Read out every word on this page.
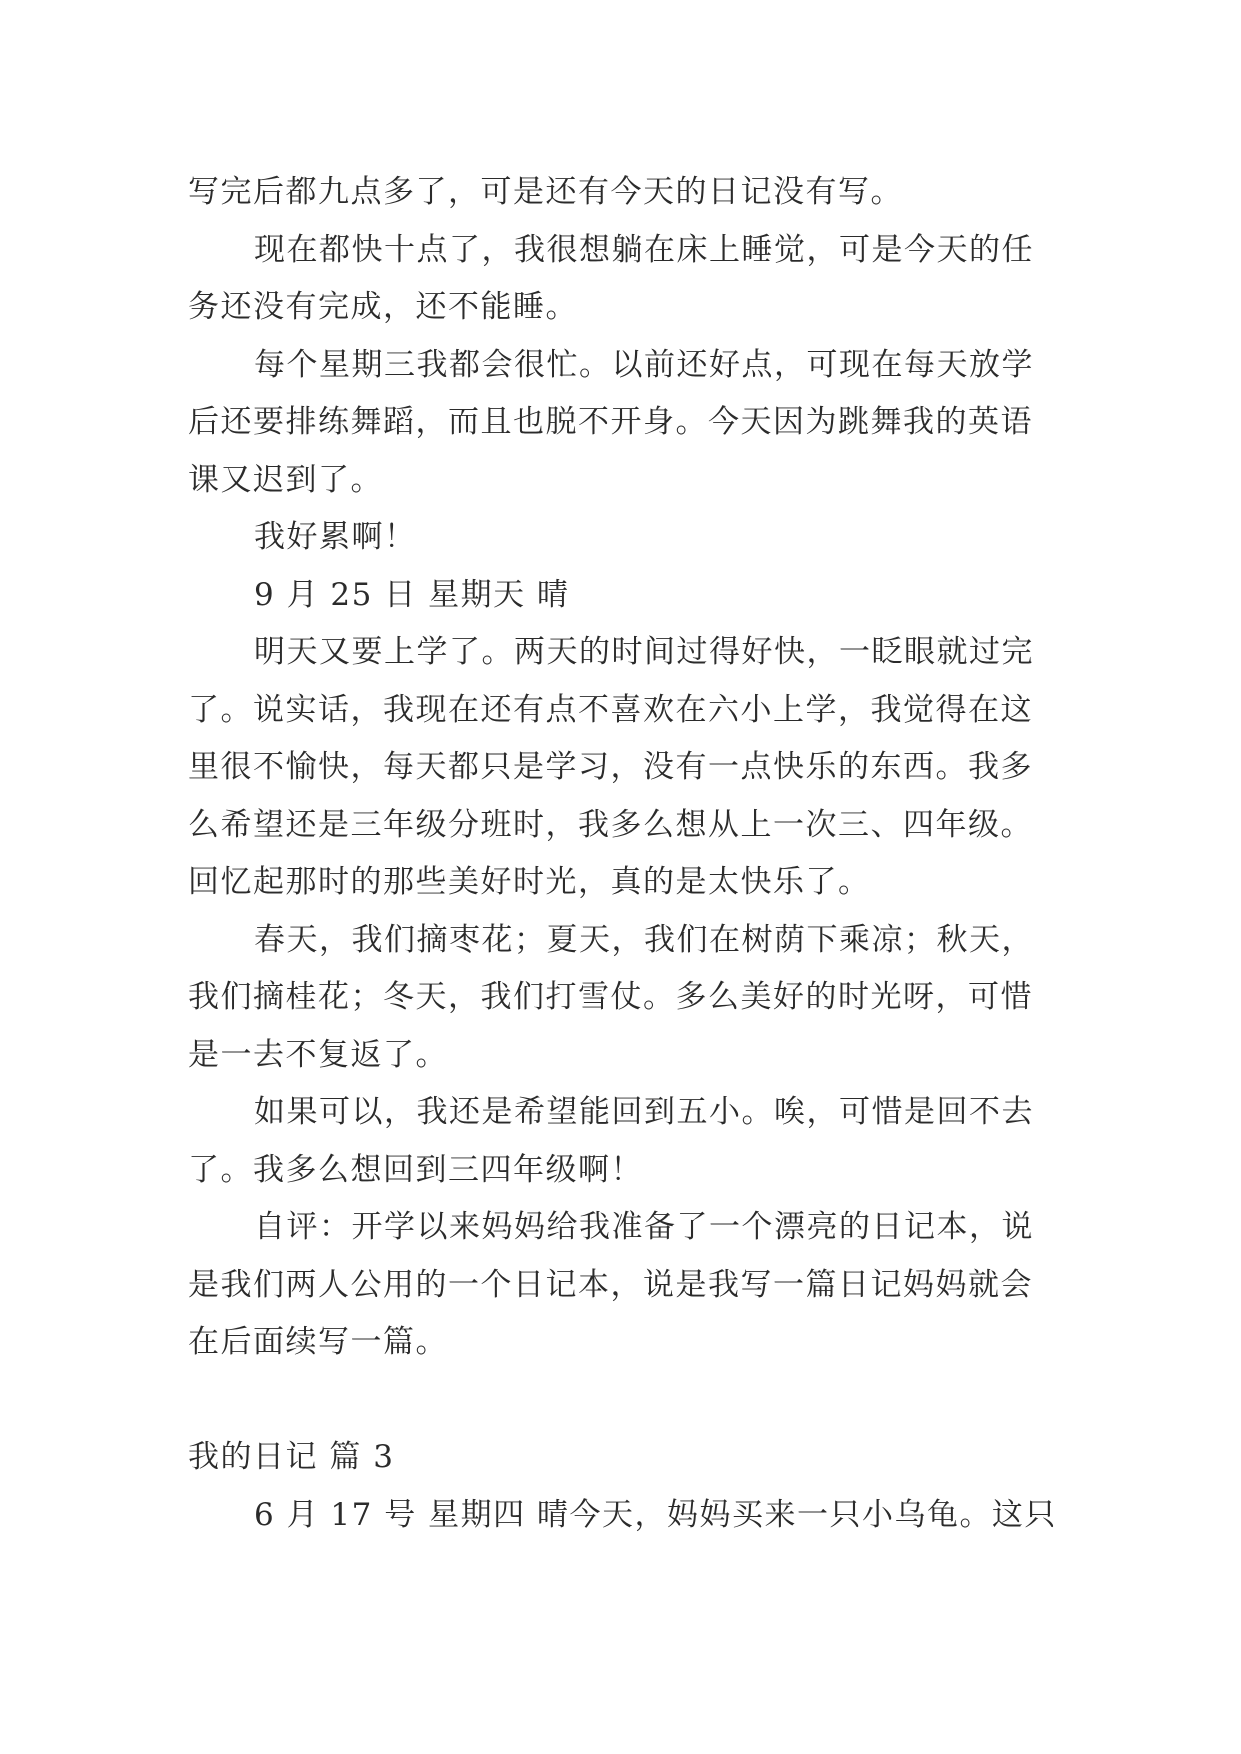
写完后都九点多了，可是还有今天的日记没有写。
现在都快十点了，我很想躺在床上睡觉，可是今天的任
务还没有完成，还不能睡。
每个星期三我都会很忙。以前还好点，可现在每天放学
后还要排练舞蹈，而且也脱不开身。今天因为跳舞我的英语
课又迟到了。
我好累啊！
9 月 25 日 星期天 晴
明天又要上学了。两天的时间过得好快，一眨眼就过完
了。说实话，我现在还有点不喜欢在六小上学，我觉得在这
里很不愉快，每天都只是学习，没有一点快乐的东西。我多
么希望还是三年级分班时，我多么想从上一次三、四年级。
回忆起那时的那些美好时光，真的是太快乐了。
春天，我们摘枣花；夏天，我们在树荫下乘凉；秋天，
我们摘桂花；冬天，我们打雪仗。多么美好的时光呀，可惜
是一去不复返了。
如果可以，我还是希望能回到五小。唉，可惜是回不去
了。我多么想回到三四年级啊！
自评：开学以来妈妈给我准备了一个漂亮的日记本，说
是我们两人公用的一个日记本，说是我写一篇日记妈妈就会
在后面续写一篇。
我的日记 篇 3
6 月 17 号 星期四 晴今天，妈妈买来一只小乌龟。这只
